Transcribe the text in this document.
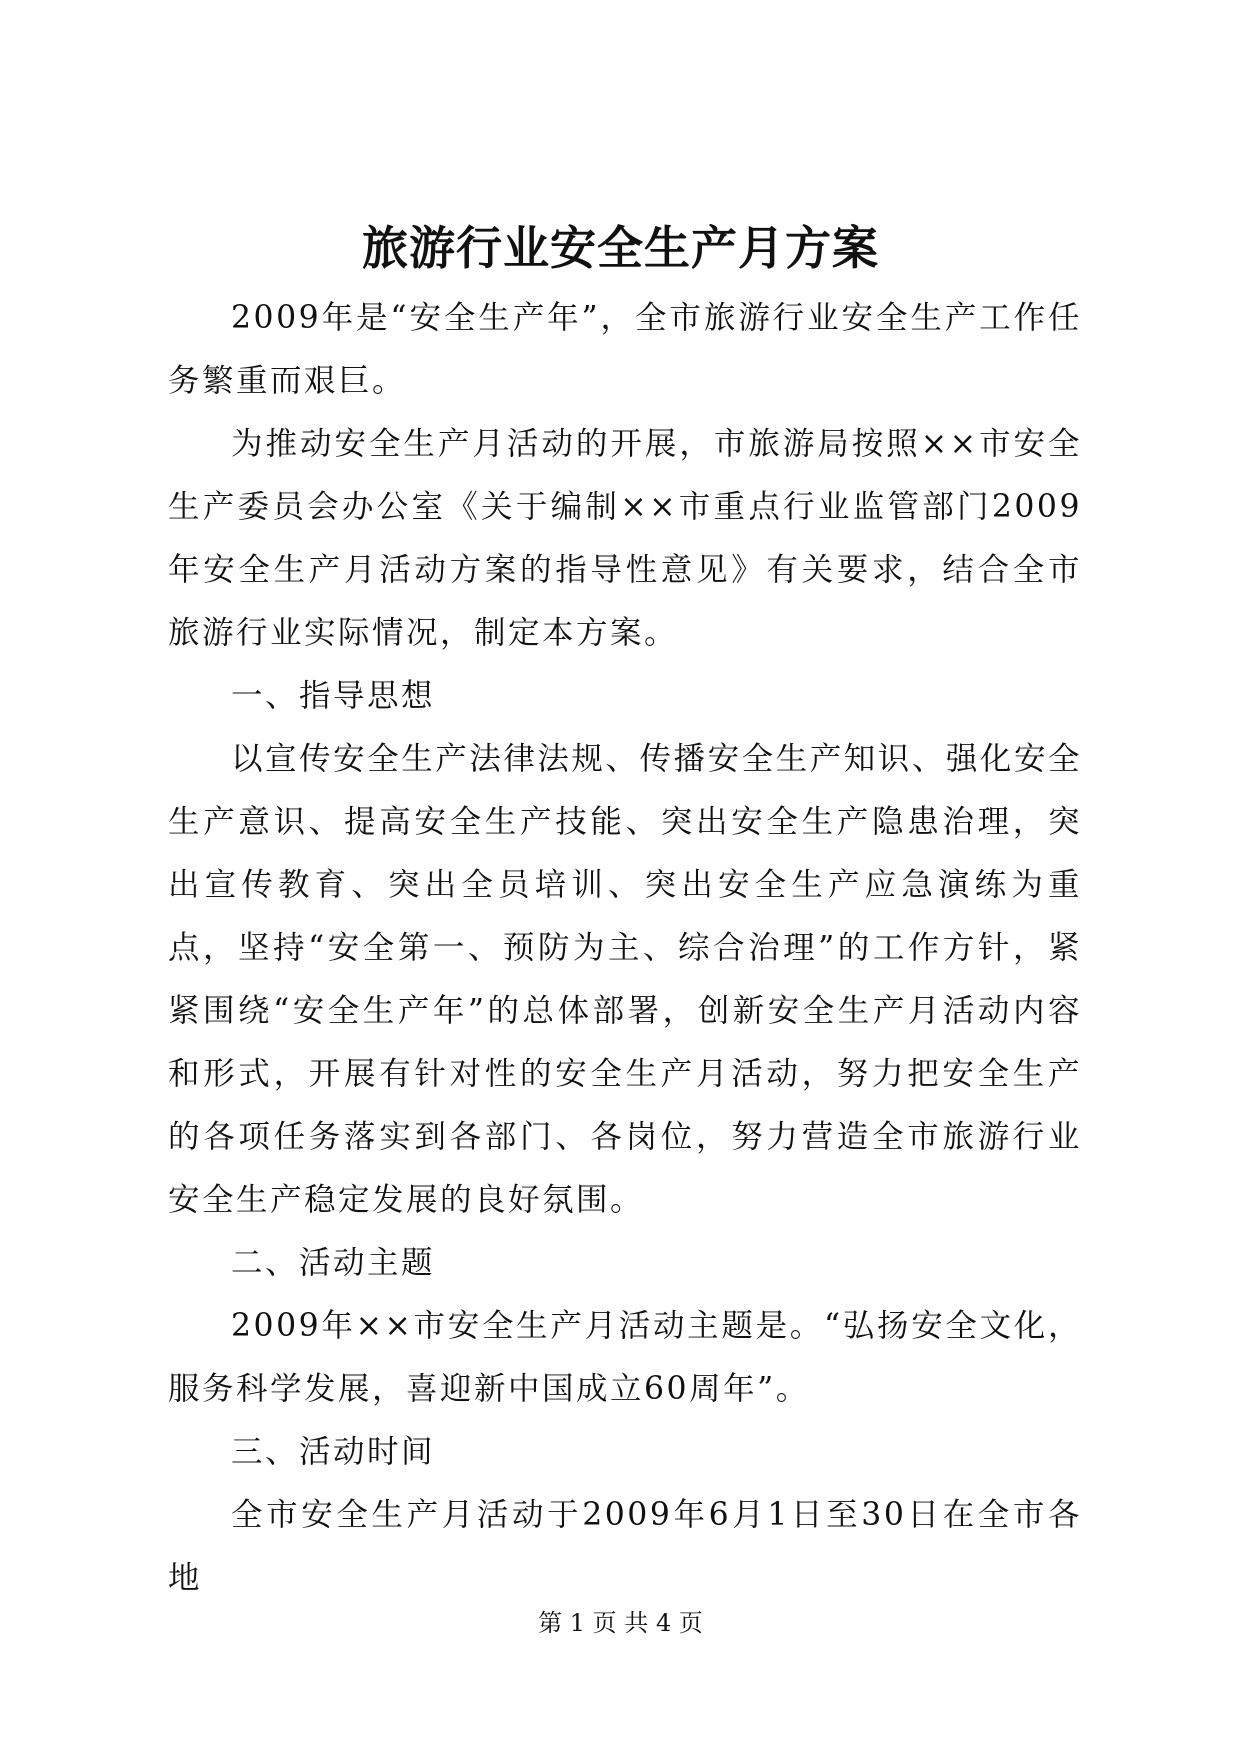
旅游行业安全生产月方案

2009年是“安全生产年”，全市旅游行业安全生产工作任务繁重而艰巨。

为推动安全生产月活动的开展，市旅游局按照××市安全生产委员会办公室《关于编制××市重点行业监管部门2009年安全生产月活动方案的指导性意见》有关要求，结合全市旅游行业实际情况，制定本方案。

一、指导思想

以宣传安全生产法律法规、传播安全生产知识、强化安全生产意识、提高安全生产技能、突出安全生产隐患治理，突出宣传教育、突出全员培训、突出安全生产应急演练为重点，坚持“安全第一、预防为主、综合治理”的工作方针，紧紧围绕“安全生产年”的总体部署，创新安全生产月活动内容和形式，开展有针对性的安全生产月活动，努力把安全生产的各项任务落实到各部门、各岗位，努力营造全市旅游行业安全生产稳定发展的良好氛围。

二、活动主题

2009年××市安全生产月活动主题是。“弘扬安全文化，服务科学发展，喜迎新中国成立60周年”。

三、活动时间

全市安全生产月活动于2009年6月1日至30日在全市各地

第 1 页 共 4 页
